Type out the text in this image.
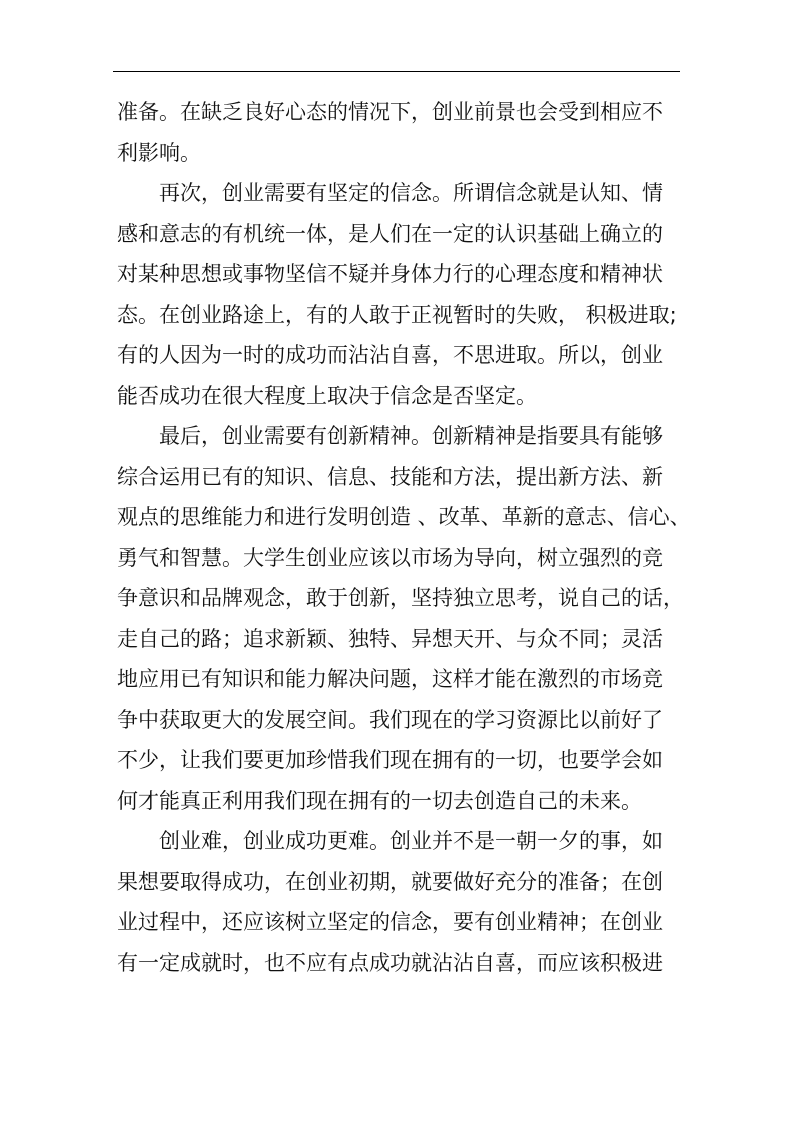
准备。在缺乏良好心态的情况下，创业前景也会受到相应不
利影响。
再次，创业需要有坚定的信念。所谓信念就是认知、情
感和意志的有机统一体，是人们在一定的认识基础上确立的
对某种思想或事物坚信不疑并身体力行的心理态度和精神状
态。在创业路途上，有的人敢于正视暂时的失败， 积极进取;
有的人因为一时的成功而沾沾自喜，不思进取。所以，创业
能否成功在很大程度上取决于信念是否坚定。
最后，创业需要有创新精神。创新精神是指要具有能够
综合运用已有的知识、信息、技能和方法，提出新方法、新
观点的思维能力和进行发明创造 、改革、革新的意志、信心、
勇气和智慧。大学生创业应该以市场为导向，树立强烈的竞
争意识和品牌观念，敢于创新，坚持独立思考，说自己的话，
走自己的路；追求新颖、独特、异想天开、与众不同；灵活
地应用已有知识和能力解决问题，这样才能在激烈的市场竞
争中获取更大的发展空间。我们现在的学习资源比以前好了
不少，让我们要更加珍惜我们现在拥有的一切，也要学会如
何才能真正利用我们现在拥有的一切去创造自己的未来。
创业难，创业成功更难。创业并不是一朝一夕的事，如
果想要取得成功，在创业初期，就要做好充分的准备；在创
业过程中，还应该树立坚定的信念，要有创业精神；在创业
有一定成就时，也不应有点成功就沾沾自喜，而应该积极进
